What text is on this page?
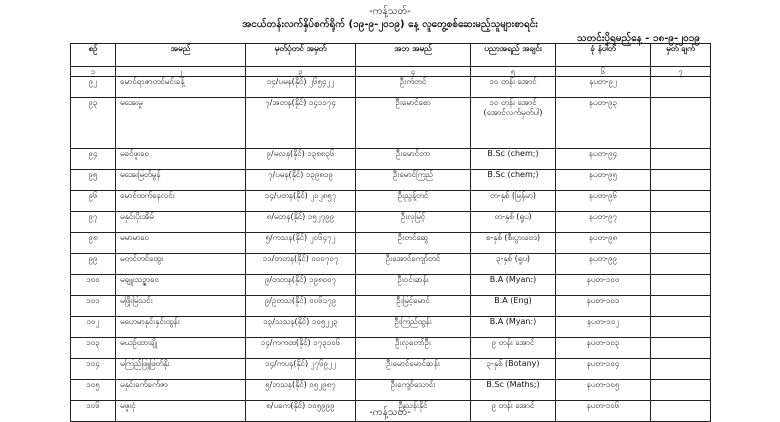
-ကန့်သတ်-
အငယ်တန်းလက်နှိပ်စက်ရိုက် (၁၉-၉-၂၀၁၉) နေ့ လူတွေ့စစ်ဆေးမည့်သူများစာရင်း
သတင်းပို့ရမည့်နေ့ - ၁၈-၉-၂၀၁၉
စဉ်	အမည်	မှတ်ပုံတင် အမှတ်	အဘ အမည်	ပညာအရည် အချင်း	ခုံ နံပါတ်	မှတ် ချက်
၁	၂	၃	၄	၅	၆	၇
၉၂	မောင်ရာဇာတင်မင်းခန့်	၁၄/ပမန(နိုင်) ၂၆၅၄၂၂	ဦးကံတင်	၁၀ တန်း အောင်	နပတ-၉၂	
၉၃	မအေးမူ	၇/အတန(နိုင်) ၁၄၁၁၇၄	ဦးမောင်စော	၁၀ တန်း အောင် (အောင်လက်မှတ်ပါ)	နပတ-၉၃	
၉၄	မခင်ဖူးဝေ	၉/မလန(နိုင်) ၁၃၈၈၃၆	ဦးမောင်တာ	B.Sc (chem;)	နပတ-၉၄	
၉၅	မအေးမြတ်မွန်	၇/ပမန(နိုင်) ၁၃၉၈၁၉	ဦးမောင်ကြည်	B.Sc (chem;)	နပတ-၉၅	
၉၆	မောင်ထက်နေလင်း	၁၄/ပတန(နိုင်) ၂၀၂၈၅၇	ဦးညွန့်တင်	တ-နှစ် (မြန်မာ)	နပတ-၉၆	
၉၇	မနှင်းပိုးအိမ်	၈/မဘန(နိုင်) ၁၅၂၇၉၉	ဦးလှမြင့်	တ-နှစ် (ရူပ)	နပတ-၉၇	
၉၈	မမာမာဝေ	၅/ကသန(နိုင်) ၂၀၆၄၇၂	ဦးတင်ဆွေ	စ-နှစ် (စီးပွားဗေဒ)	နပတ-၉၈	
၉၉	မတင်တင်ထွေး	၁၁/တတန(နိုင်) ၀၀၀၇၀၇	ဦးအောင်ကျော်တင်	၃-နှစ် (ရူပ)	နပတ-၉၉	
၁၀၀	မချူးသဉ္ဇာဝေ	၉/တတန(နိုင်) ၁၉၈၀၀၇	ဦးဝင်းဆန်း	B.A (Myan:)	နပတ-၁၀၀	
၁၀၁	မဖြိုးမြသင်း	၉/ဥတသ(နိုင်) ၀၀၆၁၇၉	ဦးမြင့်မောင်	B.A (Eng)	နပတ-၁၀၁	
၁၀၂	မဟေမာနှင်းနှင်းထွန်း	၁၃/သသန(နိုင်) ၁၀၅၂၂၃	ဦးကြည်ထွန်း	B.A (Myan:)	နပတ-၁၀၂	
၁၀၃	မယဉ်ထားချို	၁၄/ကကထ(နိုင်) ၁၇၃၁၀၆	ဦးလှတော်ဦး	၉ တန်း အောင်	နပတ-၁၀၃	
၁၀၄	မကြည်ဖြူဖြတ်နိုး	၁၄/ကပန(နိုင်) ၂၇၆၉၂၂	ဦးမောင်မောင်ဆန်း	၃-နှစ် (Botany)	နပတ-၁၀၄	
၁၀၅	မနှင်းခက်ခက်ဇာ	၅/ဘသန(နိုင်) ၀၅၂၉၈၇	ဦးကျော်သောင်း	B.Sc (Maths;)	နပတ-၁၀၅	
၁၀၆	မဖူးငုံ	၈/ပခက(နိုင်) ၁၀၅၉၉၉	ဦးသန်းနိုင်	၉ တန်း အောင်	နပတ-၁၀၆	
-ကန့်သတ်-
